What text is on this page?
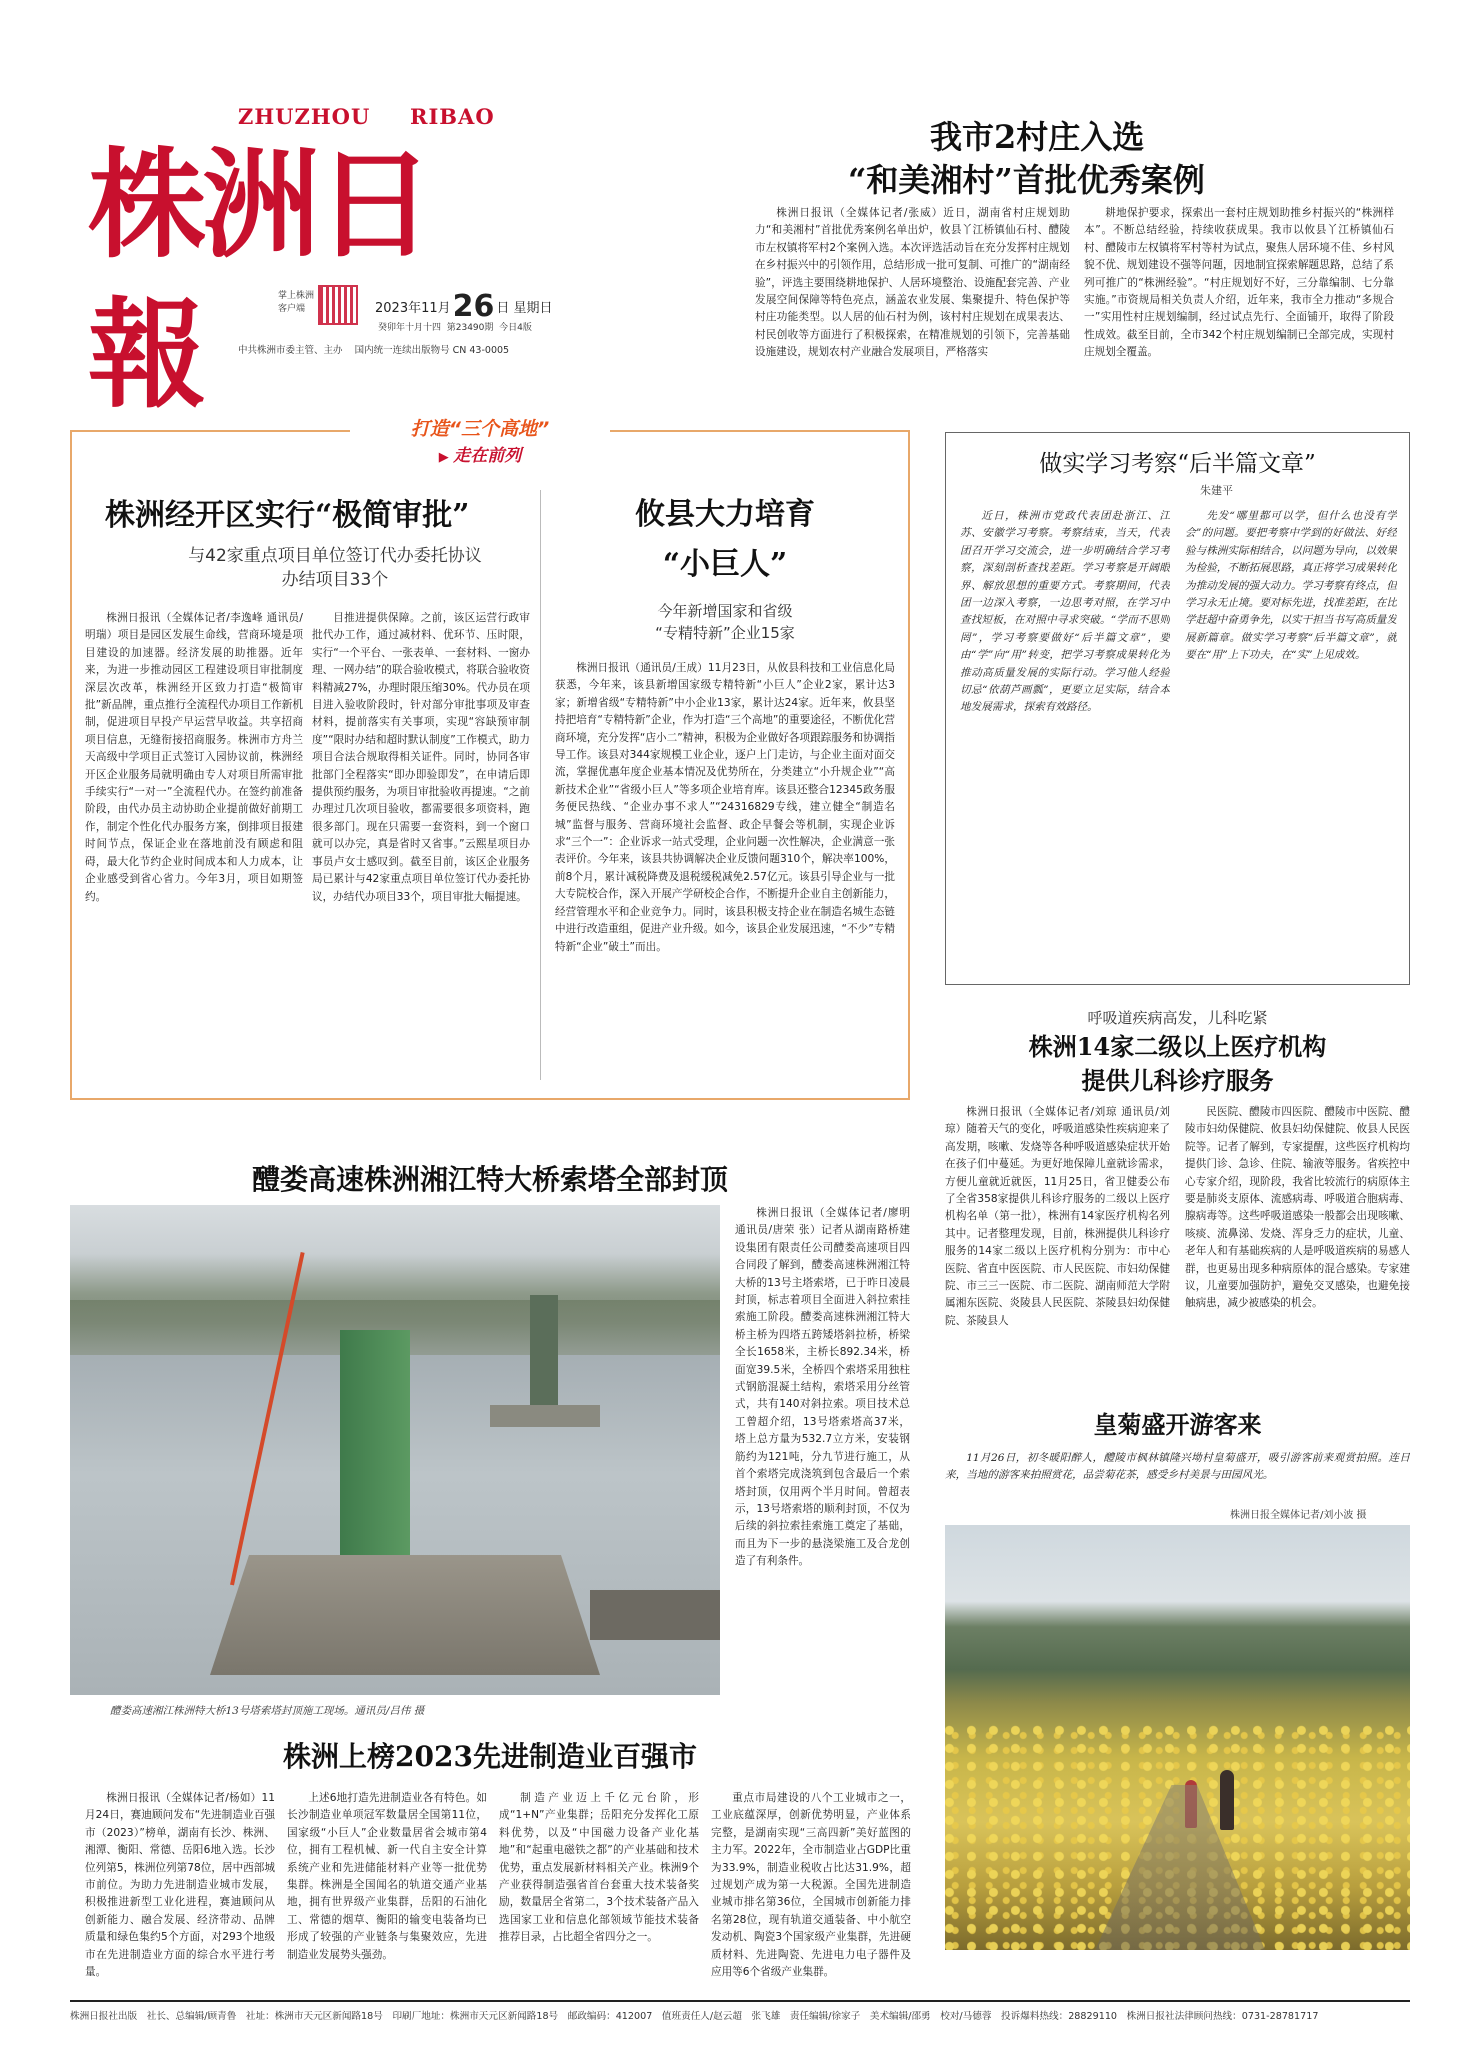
ZHUZHOU RIBAO
株洲日報	掌上株洲
客户端	2023年11月26 日 星期日
癸卯年十月十四 第23490期 今日4版
中共株洲市委主管、主办 国内统一连续出版物号 CN 43-0005
我市2村庄入选
“和美湘村”首批优秀案例

株洲日报讯（全媒体记者/张威）近日，湖南省村庄规划助力“和美湘村”首批优秀案例名单出炉，攸县丫江桥镇仙石村、醴陵市左权镇将军村2个案例入选。本次评选活动旨在充分发挥村庄规划在乡村振兴中的引领作用，总结形成一批可复制、可推广的“湖南经验”，评选主要围绕耕地保护、人居环境整治、设施配套完善、产业发展空间保障等特色亮点，涵盖农业发展、集聚提升、特色保护等村庄功能类型。以人居的仙石村为例，该村村庄规划在成果表达、村民创收等方面进行了积极探索，在精准规划的引领下，完善基础设施建设，规划农村产业融合发展项目，严格落实

耕地保护要求，探索出一套村庄规划助推乡村振兴的“株洲样本”。不断总结经验，持续收获成果。我市以攸县丫江桥镇仙石村、醴陵市左权镇将军村等村为试点，聚焦人居环境不佳、乡村风貌不优、规划建设不强等问题，因地制宜探索解题思路，总结了系列可推广的“株洲经验”。“村庄规划好不好，三分靠编制、七分靠实施。”市资规局相关负责人介绍，近年来，我市全力推动“多规合一”实用性村庄规划编制，经过试点先行、全面铺开，取得了阶段性成效。截至目前，全市342个村庄规划编制已全部完成，实现村庄规划全覆盖。

打造“三个高地”
▶ 走在前列
株洲经开区实行“极简审批”
与42家重点项目单位签订代办委托协议
办结项目33个

株洲日报讯（全媒体记者/李逸峰 通讯员/明瑞）项目是园区发展生命线，营商环境是项目建设的加速器。经济发展的助推器。近年来，为进一步推动园区工程建设项目审批制度深层次改革，株洲经开区致力打造“极简审批”新品牌，重点推行全流程代办项目工作新机制，促进项目早投产早运营早收益。共享招商项目信息，无缝衔接招商服务。株洲市方舟兰天高级中学项目正式签订入园协议前，株洲经开区企业服务局就明确由专人对项目所需审批手续实行“一对一”全流程代办。在签约前准备阶段，由代办员主动协助企业提前做好前期工作，制定个性化代办服务方案，倒排项目报建时间节点，保证企业在落地前没有顾虑和阻碍，最大化节约企业时间成本和人力成本，让企业感受到省心省力。今年3月，项目如期签约。

目推进提供保障。之前，该区运营行政审批代办工作，通过减材料、优环节、压时限，实行“一个平台、一张表单、一套材料、一窗办理、一网办结”的联合验收模式，将联合验收资料精减27%，办理时限压缩30%。代办员在项目进入验收阶段时，针对部分审批事项及审查材料，提前落实有关事项，实现“容缺预审制度”“限时办结和超时默认制度”工作模式，助力项目合法合规取得相关证件。同时，协同各审批部门全程落实“即办即验即发”，在申请后即提供预约服务，为项目审批验收再提速。“之前办理过几次项目验收，都需要很多项资料，跑很多部门。现在只需要一套资料，到一个窗口就可以办完，真是省时又省事。”云熙星项目办事员卢女士感叹到。截至目前，该区企业服务局已累计与42家重点项目单位签订代办委托协议，办结代办项目33个，项目审批大幅提速。

攸县大力培育
“小巨人”
今年新增国家和省级
“专精特新”企业15家

株洲日报讯（通讯员/王成）11月23日，从攸县科技和工业信息化局获悉，今年来，该县新增国家级专精特新“小巨人”企业2家，累计达3家；新增省级“专精特新”中小企业13家，累计达24家。近年来，攸县坚持把培育“专精特新”企业，作为打造“三个高地”的重要途径，不断优化营商环境，充分发挥“店小二”精神，积极为企业做好各项跟踪服务和协调指导工作。该县对344家规模工业企业，逐户上门走访，与企业主面对面交流，掌握优惠年度企业基本情况及优势所在，分类建立“小升规企业”“高新技术企业”“省级小巨人”等多项企业培育库。该县还整合12345政务服务便民热线、“企业办事不求人”“24316829专线，建立健全“制造名城”监督与服务、营商环境社会监督、政企早餐会等机制，实现企业诉求“三个一”：企业诉求一站式受理，企业问题一次性解决，企业满意一张表评价。今年来，该县共协调解决企业反馈问题310个，解决率100%，前8个月，累计减税降费及退税缓税减免2.57亿元。该县引导企业与一批大专院校合作，深入开展产学研校企合作，不断提升企业自主创新能力，经营管理水平和企业竞争力。同时，该县积极支持企业在制造名城生态链中进行改造重组，促进产业升级。如今，该县企业发展迅速，“不少”专精特新“企业”破土”而出。

做实学习考察“后半篇文章”
朱建平

近日，株洲市党政代表团赴浙江、江苏、安徽学习考察。考察结束，当天，代表团召开学习交流会，进一步明确结合学习考察，深刻剖析查找差距。学习考察是开阔眼界、解放思想的重要方式。考察期间，代表团一边深入考察，一边思考对照，在学习中查找短板，在对照中寻求突破。“学而不思则罔”，学习考察要做好“后半篇文章”，要由“学”向“用”转变，把学习考察成果转化为推动高质量发展的实际行动。学习他人经验切忌“依葫芦画瓢”，更要立足实际，结合本地发展需求，探索有效路径。

先发“哪里都可以学，但什么也没有学会”的问题。要把考察中学到的好做法、好经验与株洲实际相结合，以问题为导向，以效果为检验，不断拓展思路，真正将学习成果转化为推动发展的强大动力。学习考察有终点，但学习永无止境。要对标先进，找准差距，在比学赶超中奋勇争先，以实干担当书写高质量发展新篇章。做实学习考察“后半篇文章”，就要在“用”上下功夫，在“实”上见成效。

呼吸道疾病高发，儿科吃紧
株洲14家二级以上医疗机构
提供儿科诊疗服务

株洲日报讯（全媒体记者/刘琼 通讯员/刘琼）随着天气的变化，呼吸道感染性疾病迎来了高发期，咳嗽、发烧等各种呼吸道感染症状开始在孩子们中蔓延。为更好地保障儿童就诊需求，方便儿童就近就医，11月25日，省卫健委公布了全省358家提供儿科诊疗服务的二级以上医疗机构名单（第一批），株洲有14家医疗机构名列其中。记者整理发现，目前，株洲提供儿科诊疗服务的14家二级以上医疗机构分别为：市中心医院、省直中医医院、市人民医院、市妇幼保健院、市三三一医院、市二医院、湖南师范大学附属湘东医院、炎陵县人民医院、茶陵县妇幼保健院、茶陵县人

民医院、醴陵市四医院、醴陵市中医院、醴陵市妇幼保健院、攸县妇幼保健院、攸县人民医院等。记者了解到，专家提醒，这些医疗机构均提供门诊、急诊、住院、输液等服务。省疾控中心专家介绍，现阶段，我省比较流行的病原体主要是肺炎支原体、流感病毒、呼吸道合胞病毒、腺病毒等。这些呼吸道感染一般都会出现咳嗽、咳痰、流鼻涕、发烧、浑身乏力的症状，儿童、老年人和有基础疾病的人是呼吸道疾病的易感人群，也更易出现多种病原体的混合感染。专家建议，儿童要加强防护，避免交叉感染，也避免接触病患，减少被感染的机会。

皇菊盛开游客来

11月26日，初冬暖阳醉人，醴陵市枫林镇隆兴坳村皇菊盛开，吸引游客前来观赏拍照。连日来，当地的游客来拍照赏花，品尝菊花茶，感受乡村美景与田园风光。

株洲日报全媒体记者/刘小波 摄
醴娄高速株洲湘江特大桥索塔全部封顶
醴娄高速湘江株洲特大桥13号塔索塔封顶施工现场。通讯员/吕伟 摄

株洲日报讯（全媒体记者/廖明 通讯员/唐荣 张）记者从湖南路桥建设集团有限责任公司醴娄高速项目四合同段了解到，醴娄高速株洲湘江特大桥的13号主塔索塔，已于昨日凌晨封顶，标志着项目全面进入斜拉索挂索施工阶段。醴娄高速株洲湘江特大桥主桥为四塔五跨矮塔斜拉桥，桥梁全长1658米，主桥长892.34米，桥面宽39.5米，全桥四个索塔采用独柱式钢筋混凝土结构，索塔采用分丝管式，共有140对斜拉索。项目技术总工曾超介绍，13号塔索塔高37米，塔上总方量为532.7立方米，安装钢筋约为121吨，分九节进行施工，从首个索塔完成浇筑到包含最后一个索塔封顶，仅用两个半月时间。曾超表示，13号塔索塔的顺利封顶，不仅为后续的斜拉索挂索施工奠定了基础，而且为下一步的悬浇梁施工及合龙创造了有利条件。

株洲上榜2023先进制造业百强市

株洲日报讯（全媒体记者/杨如）11月24日，赛迪顾问发布“先进制造业百强市（2023）”榜单，湖南有长沙、株洲、湘潭、衡阳、常德、岳阳6地入选。长沙位列第5，株洲位列第78位，居中西部城市前位。为助力先进制造业城市发展，积极推进新型工业化进程，赛迪顾问从创新能力、融合发展、经济带动、品牌质量和绿色集约5个方面，对293个地级市在先进制造业方面的综合水平进行考量。

上述6地打造先进制造业各有特色。如长沙制造业单项冠军数量居全国第11位，国家级“小巨人”企业数量居省会城市第4位，拥有工程机械、新一代自主安全计算系统产业和先进储能材料产业等一批优势集群。株洲是全国闻名的轨道交通产业基地，拥有世界级产业集群，岳阳的石油化工、常德的烟草、衡阳的输变电装备均已形成了较强的产业链条与集聚效应，先进制造业发展势头强劲。

制造产业迈上千亿元台阶，形成“1+N”产业集群；岳阳充分发挥化工原料优势，以及“中国磁力设备产业化基地”和“起重电磁铁之都”的产业基础和技术优势，重点发展新材料相关产业。株洲9个产业获得制造强省首台套重大技术装备奖励，数量居全省第二，3个技术装备产品入选国家工业和信息化部领域节能技术装备推荐目录，占比超全省四分之一。

重点市局建设的八个工业城市之一，工业底蕴深厚，创新优势明显，产业体系完整，是湖南实现“三高四新”美好蓝图的主力军。2022年，全市制造业占GDP比重为33.9%，制造业税收占比达31.9%，超过规划产成为第一大税源。全国先进制造业城市排名第36位，全国城市创新能力排名第28位，现有轨道交通装备、中小航空发动机、陶瓷3个国家级产业集群，先进硬质材料、先进陶瓷、先进电力电子器件及应用等6个省级产业集群。

株洲日报社出版　社长、总编辑/顾青鲁　社址：株洲市天元区新闻路18号　印刷厂地址：株洲市天元区新闻路18号　邮政编码：412007　值班责任人/赵云超　张飞雄　责任编辑/徐家子　美术编辑/邵勇　校对/马德蓉　投诉爆料热线：28829110　株洲日报社法律顾问热线：0731-28781717
